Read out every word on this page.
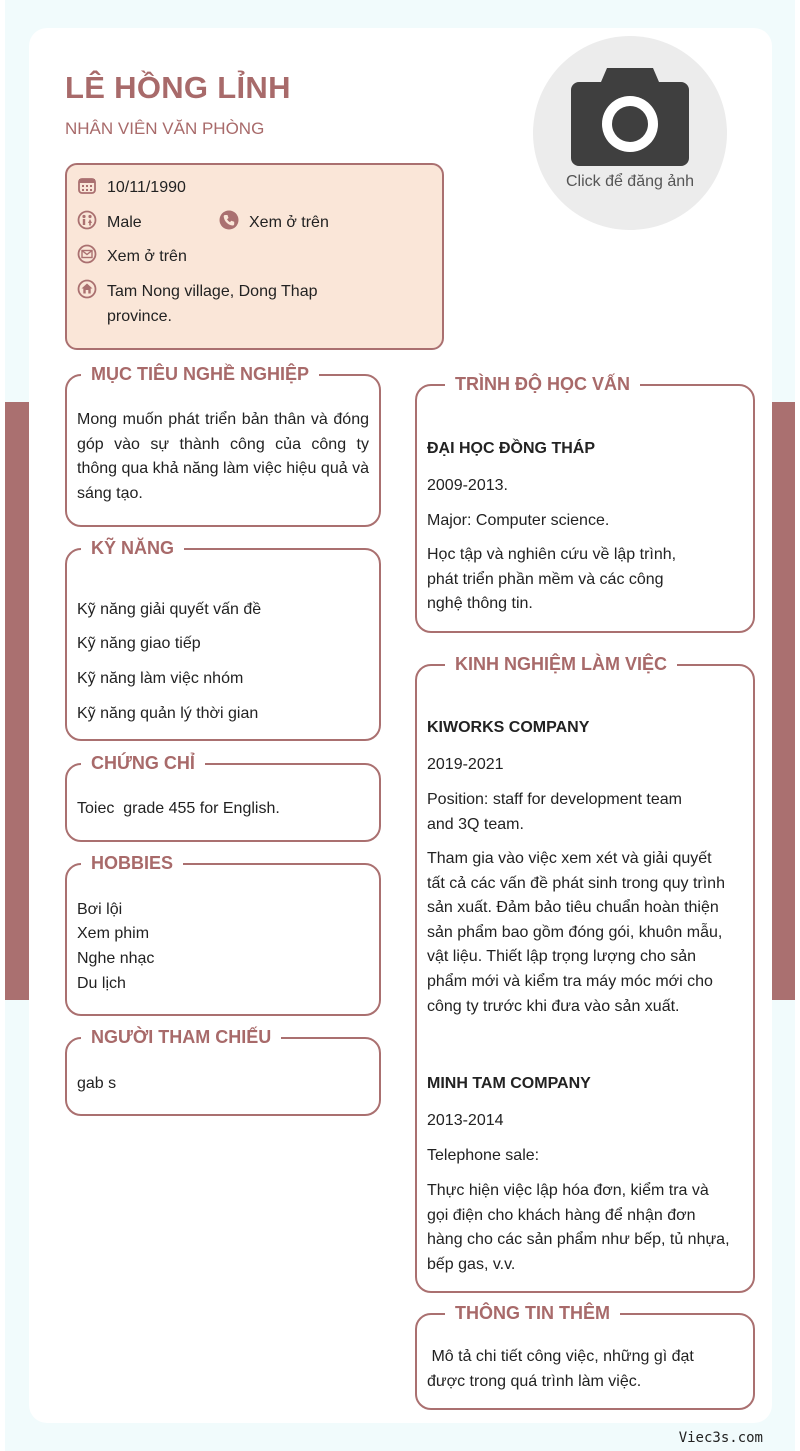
LÊ HỒNG LỈNH
NHÂN VIÊN VĂN PHÒNG
Click để đăng ảnh
10/11/1990
Male	Xem ở trên
Xem ở trên
Tam Nong village, Dong Thap
province.
MỤC TIÊU NGHỀ NGHIỆP
Mong muốn phát triển bản thân và đóng góp vào sự thành công của công ty thông qua khả năng làm việc hiệu quả và sáng tạo.
KỸ NĂNG
Kỹ năng giải quyết vấn đề
Kỹ năng giao tiếp
Kỹ năng làm việc nhóm
Kỹ năng quản lý thời gian
CHỨNG CHỈ
Toiec  grade 455 for English.
HOBBIES
Bơi lội
Xem phim
Nghe nhạc
Du lịch
NGƯỜI THAM CHIẾU
gab s
TRÌNH ĐỘ HỌC VẤN
ĐẠI HỌC ĐỒNG THÁP
2009-2013.
Major: Computer science.
Học tập và nghiên cứu về lập trình, phát triển phần mềm và các công nghệ thông tin.
KINH NGHIỆM LÀM VIỆC
KIWORKS COMPANY
2019-2021
Position: staff for development team and 3Q team.
Tham gia vào việc xem xét và giải quyết tất cả các vấn đề phát sinh trong quy trình sản xuất. Đảm bảo tiêu chuẩn hoàn thiện sản phẩm bao gồm đóng gói, khuôn mẫu, vật liệu. Thiết lập trọng lượng cho sản phẩm mới và kiểm tra máy móc mới cho công ty trước khi đưa vào sản xuất.
MINH TAM COMPANY
2013-2014
Telephone sale:
Thực hiện việc lập hóa đơn, kiểm tra và gọi điện cho khách hàng để nhận đơn hàng cho các sản phẩm như bếp, tủ nhựa, bếp gas, v.v.
THÔNG TIN THÊM
Mô tả chi tiết công việc, những gì đạt được trong quá trình làm việc.
Viec3s.com
